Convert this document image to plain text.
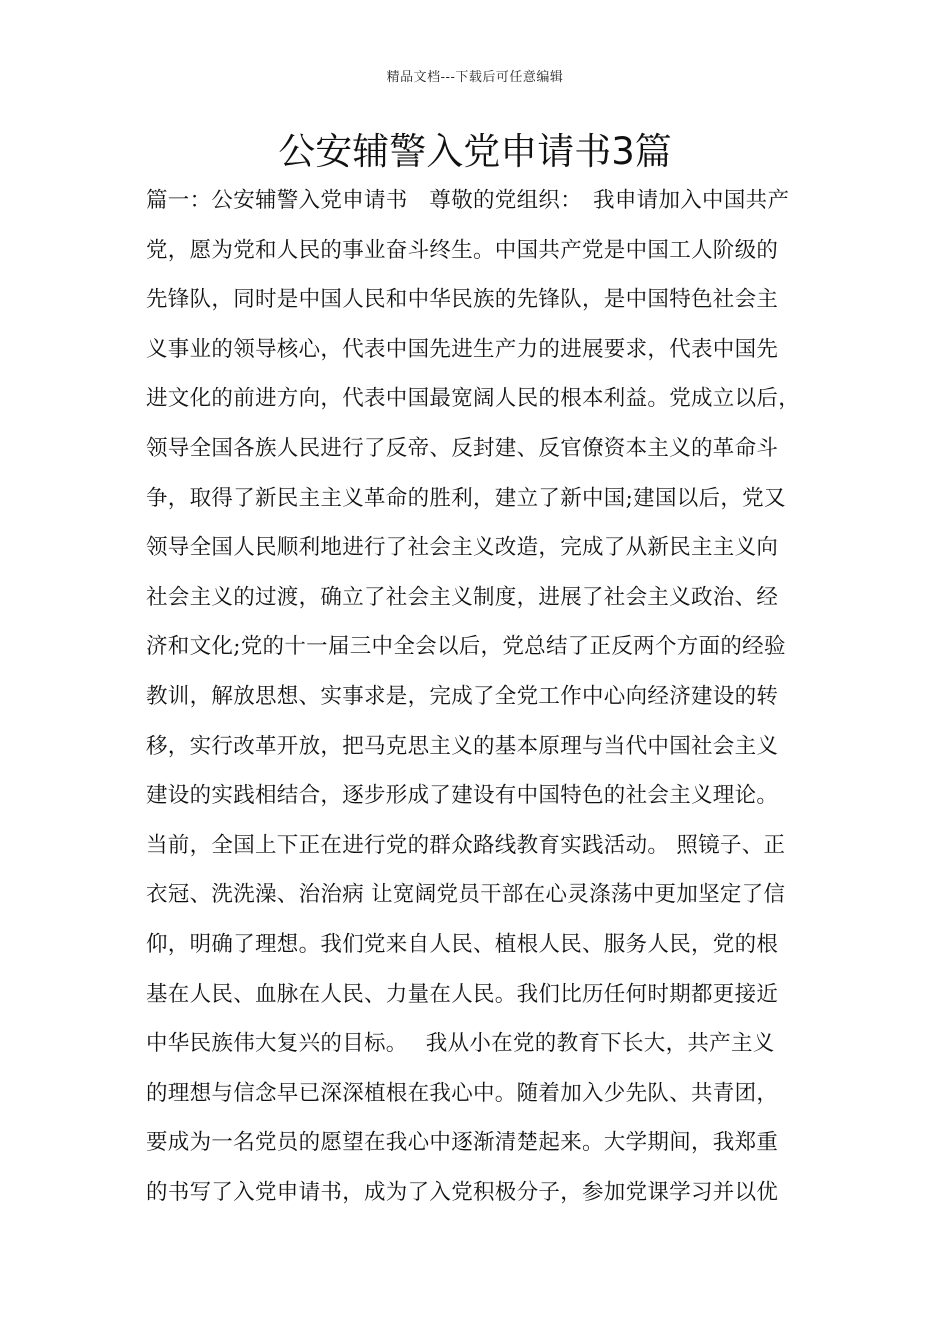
精品文档---下载后可任意编辑
公安辅警入党申请书3篇
篇一：公安辅警入党申请书　尊敬的党组织：　我申请加入中国共产
党，愿为党和人民的事业奋斗终生。中国共产党是中国工人阶级的
先锋队，同时是中国人民和中华民族的先锋队，是中国特色社会主
义事业的领导核心，代表中国先进生产力的进展要求，代表中国先
进文化的前进方向，代表中国最宽阔人民的根本利益。党成立以后，
领导全国各族人民进行了反帝、反封建、反官僚资本主义的革命斗
争，取得了新民主主义革命的胜利，建立了新中国;建国以后，党又
领导全国人民顺利地进行了社会主义改造，完成了从新民主主义向
社会主义的过渡，确立了社会主义制度，进展了社会主义政治、经
济和文化;党的十一届三中全会以后，党总结了正反两个方面的经验
教训，解放思想、实事求是，完成了全党工作中心向经济建设的转
移，实行改革开放，把马克思主义的基本原理与当代中国社会主义
建设的实践相结合，逐步形成了建设有中国特色的社会主义理论。
当前，全国上下正在进行党的群众路线教育实践活动。 照镜子、正
衣冠、洗洗澡、治治病 让宽阔党员干部在心灵涤荡中更加坚定了信
仰，明确了理想。我们党来自人民、植根人民、服务人民，党的根
基在人民、血脉在人民、力量在人民。我们比历任何时期都更接近
中华民族伟大复兴的目标。　 我从小在党的教育下长大，共产主义
的理想与信念早已深深植根在我心中。随着加入少先队、共青团，
要成为一名党员的愿望在我心中逐渐清楚起来。大学期间，我郑重
的书写了入党申请书，成为了入党积极分子，参加党课学习并以优
